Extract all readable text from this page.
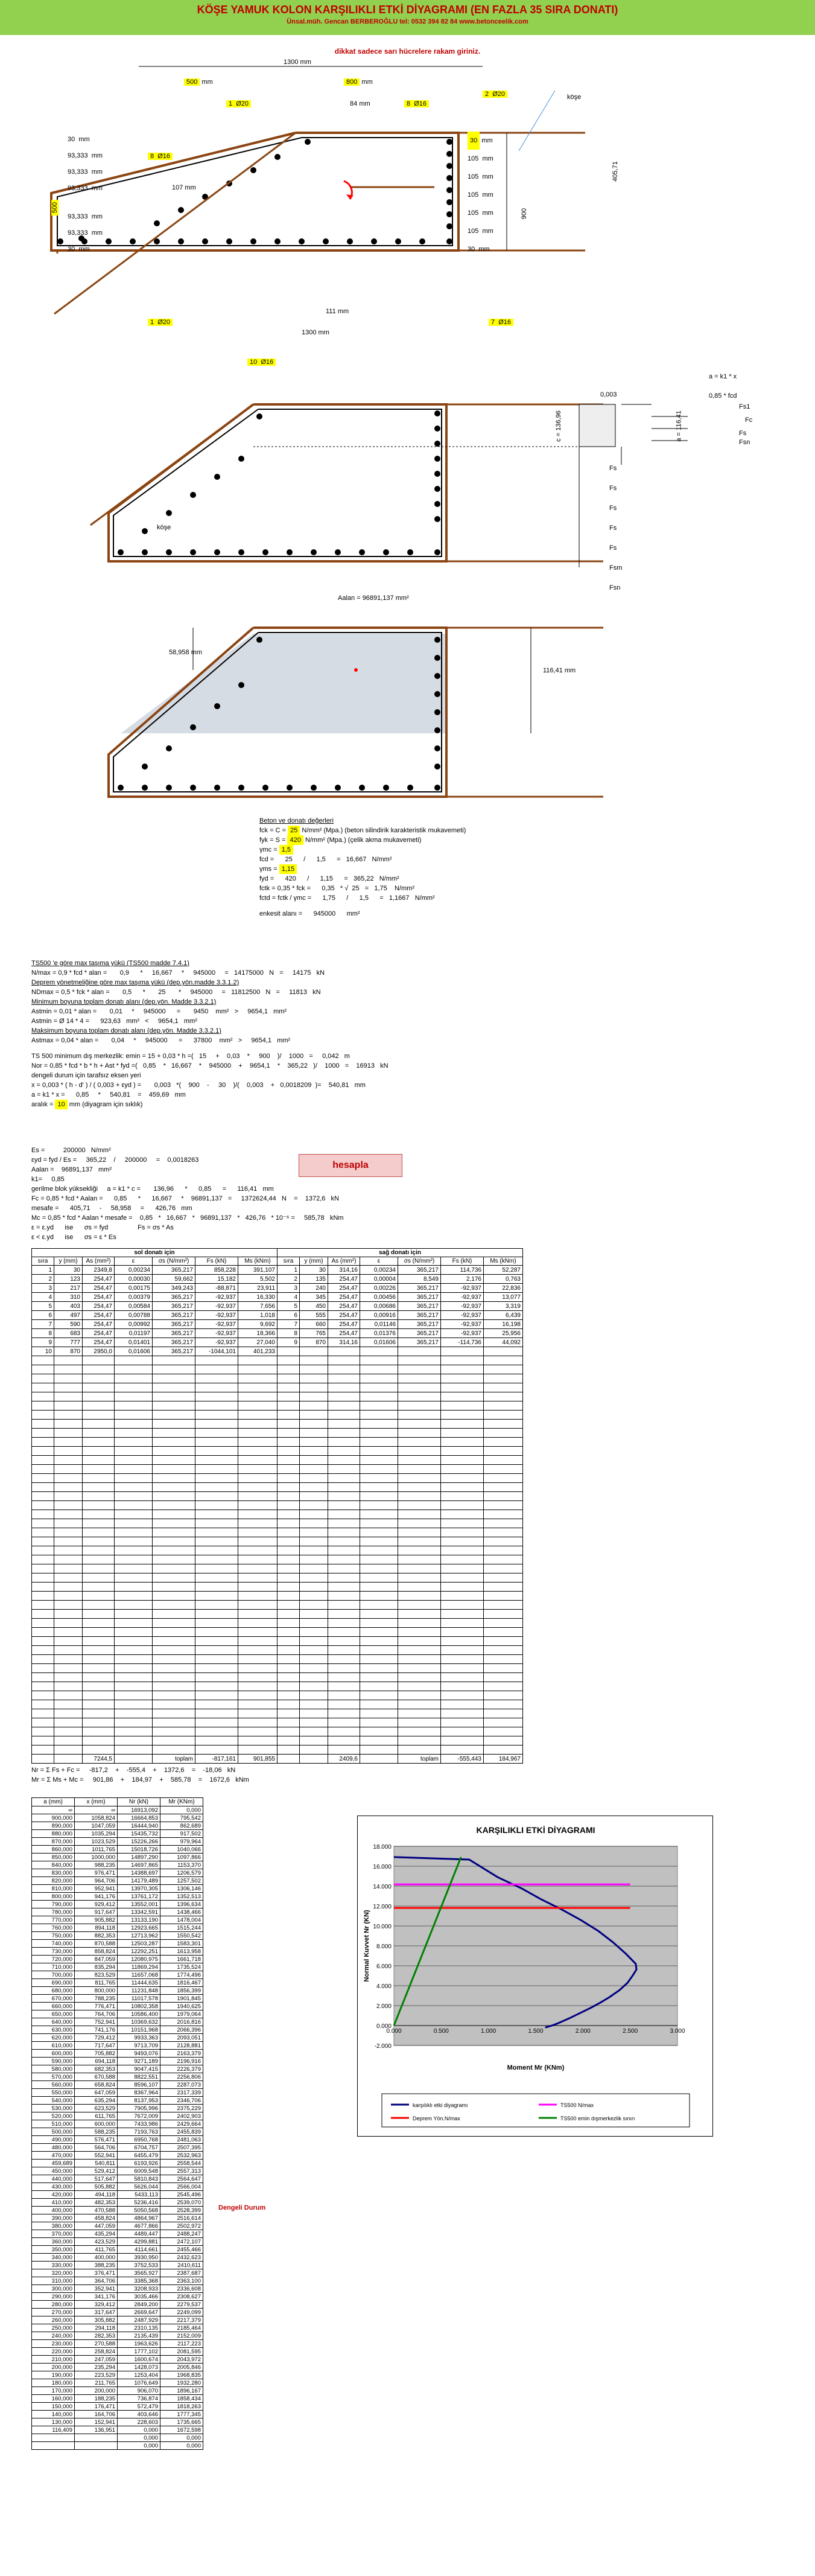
KÖŞE YAMUK KOLON KARŞILIKLI ETKİ DİYAGRAMI (EN FAZLA 35 SIRA DONATI)
Ünsal.müh. Gencan BERBEROĞLU tel: 0532 394 82 84 www.betonceelik.com
dikkat sadece sarı hücrelere rakam giriniz.
1300 mm
500 mm	800 mm
1  Ø20	84 mm	8  Ø16
2  Ø20	köşe
30  mm
93,333  mm
93,333  mm
93,333  mm
93,333  mm
93,333  mm
30  mm
500
30 mm
105  mm
105  mm
105  mm
105  mm
105  mm
30  mm
900
405,71
8  Ø16
107 mm
1  Ø20
111 mm
1300 mm
7  Ø16
10  Ø16
a = k1 * x
0,85 * fcd
0,003
c = 136,96	a = 116,41
Fs1
Fc
Fs
Fsn
köşe
Fs
Fs
Fs
Fs
Fs
Fsm
Fsn
Aalan = 96891,137 mm²
58,958 mm
116,41 mm
Beton ve donatı değerleri
fck = C = 25 N/mm² (Mpa.) (beton silindirik karakteristik mukavemeti)
fyk = S = 420 N/mm² (Mpa.) (çelik akma mukavemeti)
γmc = 1,5
fcd =      25      /      1,5      =   16,667   N/mm²
γms = 1,15
fyd =      420      /      1,15      =   365,22   N/mm²
fctk = 0,35 * fck =      0,35   * √  25   =   1,75    N/mm²
fctd = fctk / γmc =      1,75      /      1,5      =   1,1667   N/mm²
enkesit alanı =      945000      mm²
TS500 'e göre max taşıma yükü (TS500 madde 7.4.1)
N/max = 0,9 * fcd * alan =       0,9      *     16,667     *     945000     =   14175000   N   =     14175   kN
Deprem yönetmeliğine göre max taşıma yükü (dep.yön.madde 3.3.1.2)
NDmax = 0,5 * fck * alan =       0,5      *       25       *     945000     =   11812500   N   =     11813   kN
Minimum boyuna toplam donatı alanı (dep.yön. Madde 3.3.2.1)
Astmin = 0,01 * alan =       0,01     *     945000      =       9450    mm²   >     9654,1   mm²
Astmin = Ø 14 * 4 =      923,63   mm²   <     9654,1   mm²
Maksimum boyuna toplam donatı alanı (dep.yön. Madde 3.3.2.1)
Astmax = 0,04 * alan =       0,04     *     945000      =      37800    mm²   >     9654,1   mm²
TS 500 minimum dış merkezlik: emin = 15 + 0,03 * h =(   15     +    0,03    *     900    )/    1000   =     0,042   m
Nor = 0,85 * fcd * b * h + Ast * fyd =(   0,85    *   16,667    *    945000    +    9654,1    *    365,22   )/    1000   =    16913   kN
dengeli durum için tarafsız eksen yeri
x = 0,003 * ( h - d' ) / ( 0,003 + εyd ) =       0,003   *(    900    -     30    )/(    0,003    +   0,0018209  )=    540,81   mm
a = k1 * x =      0,85     *     540,81    =    459,69   mm
aralık = 10 mm (diyagram için sıklık)
Es =          200000   N/mm²
εyd = fyd / Es =     365,22    /     200000     =    0,0018263
Aalan =    96891,137   mm²
k1=     0,85
gerilme blok yüksekliği     a = k1 * c =       136,96      *      0,85      =      116,41   mm
Fc = 0,85 * fcd * Aalan =      0,85      *      16,667     *    96891,137   =     1372624,44   N    =    1372,6   kN
mesafe =      405,71     -     58,958     =      426,76   mm
Mc = 0,85 * fcd * Aalan * mesafe =    0,85   *   16,667   *   96891,137   *   426,76   * 10⁻⁶ =     585,78   kNm
ε = ε.yd      ise      σs = fyd                Fs = σs * As
ε < ε.yd      ise      σs = ε * Es
hesapla
sol donatı için							sağ donatı için						
sıra	y (mm)	As (mm²)	ε	σs (N/mm²)	Fs (kN)	Ms (kNm)	sıra	y (mm)	As (mm²)	ε	σs (N/mm²)	Fs (kN)	Ms (kNm)
1	30	2349,8	0,00234	365,217	858,228	391,107	1	30	314,16	0,00234	365,217	114,736	52,287
2	123	254,47	0,00030	59,662	15,182	5,502	2	135	254,47	0,00004	8,549	2,176	0,763
3	217	254,47	0,00175	349,243	-88,871	23,911	3	240	254,47	0,00226	365,217	-92,937	22,836
4	310	254,47	0,00379	365,217	-92,937	16,330	4	345	254,47	0,00456	365,217	-92,937	13,077
5	403	254,47	0,00584	365,217	-92,937	7,656	5	450	254,47	0,00686	365,217	-92,937	3,319
6	497	254,47	0,00788	365,217	-92,937	1,018	6	555	254,47	0,00916	365,217	-92,937	6,439
7	590	254,47	0,00992	365,217	-92,937	9,692	7	660	254,47	0,01146	365,217	-92,937	16,198
8	683	254,47	0,01197	365,217	-92,937	18,366	8	765	254,47	0,01376	365,217	-92,937	25,956
9	777	254,47	0,01401	365,217	-92,937	27,040	9	870	314,16	0,01606	365,217	-114,736	44,092
10	870	2950,0	0,01606	365,217	-1044,101	401,233							

		7244,5		toplam	-817,161	901,855			2409,6		toplam	-555,443	184,967
Nr = Σ Fs + Fc =     -817,2    +    -555,4    +    1372,6    =    -18,06   kN
Mr = Σ Ms + Mc =     901,86    +    184,97    +    585,78    =    1672,6   kNm
a (mm)	x (mm)	Nr (kN)	Mr (KNm)
∞	∞	16913,092	0,000
900,000	1058,824	16664,853	795,542
890,000	1047,059	16444,940	862,689
880,000	1035,294	15435,732	917,502
870,000	1023,529	15226,266	979,964
860,000	1011,765	15018,726	1040,066
850,000	1000,000	14897,290	1097,866
840,000	988,235	14697,865	1153,370
830,000	976,471	14388,697	1206,579
820,000	964,706	14179,489	1257,502
810,000	952,941	13970,305	1306,146
800,000	941,176	13761,172	1352,513
790,000	929,412	13552,001	1396,634
780,000	917,647	13342,591	1438,466
770,000	905,882	13133,190	1478,004
760,000	894,118	12923,665	1515,244
750,000	882,353	12713,962	1550,542
740,000	870,588	12503,287	1583,301
730,000	858,824	12292,251	1613,958
720,000	847,059	12080,975	1661,718
710,000	835,294	11869,294	1735,524
700,000	823,529	11657,068	1774,496
690,000	811,765	11444,635	1816,467
680,000	800,000	11231,848	1856,399
670,000	788,235	11017,578	1901,845
660,000	776,471	10802,358	1940,625
650,000	764,706	10586,400	1979,064
640,000	752,941	10369,632	2016,816
630,000	741,176	10151,968	2066,396
620,000	729,412	9933,363	2093,051
610,000	717,647	9713,709	2128,881
600,000	705,882	9493,076	2163,379
590,000	694,118	9271,189	2196,916
580,000	682,353	9047,415	2226,379
570,000	670,588	8822,551	2256,806
560,000	658,824	8596,107	2287,073
550,000	647,059	8367,964	2317,339
540,000	635,294	8137,953	2346,706
530,000	623,529	7905,996	2375,229
520,000	611,765	7672,009	2402,903
510,000	600,000	7433,986	2429,664
500,000	588,235	7193,763	2455,839
490,000	576,471	6950,768	2481,063
480,000	564,706	6704,757	2507,395
470,000	552,941	6455,479	2532,963
459,689	540,811	6193,926	2558,544
450,000	529,412	6009,548	2557,313
440,000	517,647	5810,843	2564,647
430,000	505,882	5626,044	2566,004
420,000	494,118	5433,113	2545,496
410,000	482,353	5236,416	2539,070
400,000	470,588	5050,568	2528,399
390,000	458,824	4864,967	2516,614
380,000	447,059	4677,866	2502,972
370,000	435,294	4489,447	2488,247
360,000	423,529	4299,881	2472,107
350,000	411,765	4114,661	2455,466
340,000	400,000	3930,950	2432,623
330,000	388,235	3752,533	2410,611
320,000	376,471	3565,927	2387,687
310,000	364,706	3385,368	2363,100
300,000	352,941	3208,933	2336,608
290,000	341,176	3035,466	2308,627
280,000	329,412	2849,200	2279,537
270,000	317,647	2669,647	2249,099
260,000	305,882	2487,929	2217,379
250,000	294,118	2310,135	2185,464
240,000	282,353	2135,439	2152,009
230,000	270,588	1963,626	2117,223
220,000	258,824	1777,102	2081,595
210,000	247,059	1600,674	2043,972
200,000	235,294	1428,073	2005,846
190,000	223,529	1253,404	1968,835
180,000	211,765	1076,649	1932,280
170,000	200,000	906,070	1896,167
160,000	188,235	736,874	1858,434
150,000	176,471	572,479	1818,263
140,000	164,706	403,646	1777,345
130,000	152,941	228,603	1735,665
116,409	136,951	0,000	1672,598
		0,000	0,000
		0,000	0,000
Dengeli Durum
-2.000
0.000
2.000
4.000
6.000
8.000
10.000
12.000
14.000
16.000
18.000
0.000	0.500	1.000	1.500	2.000	2.500	3.000
KARŞILIKLI ETKİ DİYAGRAMI
Moment Mr (KNm)
Normal Kuvvet Nr (KN)
karşılıklı etki diyagramı	TS500 N/max
Deprem Yön.N/max	TS500 emin dışmerkezlik sınırı
